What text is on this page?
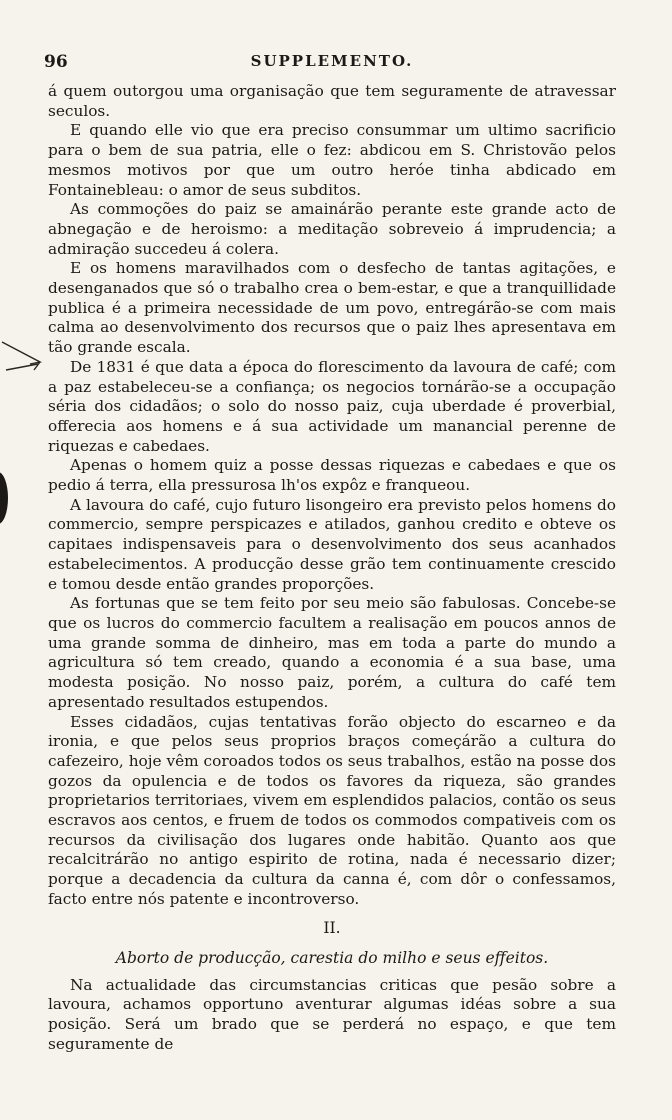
96	SUPPLEMENTO.

á quem outorgou uma organisação que tem seguramente de atravessar seculos.

E quando elle vio que era preciso consummar um ultimo sacrificio para o bem de sua patria, elle o fez: abdicou em S. Christovão pelos mesmos motivos por que um outro heróe tinha abdicado em Fontainebleau: o amor de seus subditos.

As commoções do paiz se amainárão perante este grande acto de abnegação e de heroismo: a meditação sobreveio á imprudencia; a admiração succedeu á colera.

E os homens maravilhados com o desfecho de tantas agitações, e desenganados que só o trabalho crea o bem-estar, e que a tranquillidade publica é a primeira necessidade de um povo, entregárão-se com mais calma ao desenvolvimento dos recursos que o paiz lhes apresentava em tão grande escala.

De 1831 é que data a época do florescimento da lavoura de café; com a paz estabeleceu-se a confiança; os negocios tornárão-se a occupação séria dos cidadãos; o solo do nosso paiz, cuja uberdade é proverbial, offerecia aos homens e á sua actividade um manancial perenne de riquezas e cabedaes.

Apenas o homem quiz a posse dessas riquezas e cabedaes e que os pedio á terra, ella pressurosa lh'os expôz e franqueou.

A lavoura do café, cujo futuro lisongeiro era previsto pelos homens do commercio, sempre perspicazes e atilados, ganhou credito e obteve os capitaes indispensaveis para o desenvolvimento dos seus acanhados estabelecimentos. A producção desse grão tem continuamente crescido e tomou desde então grandes proporções.

As fortunas que se tem feito por seu meio são fabulosas. Concebe-se que os lucros do commercio facultem a realisação em poucos annos de uma grande somma de dinheiro, mas em toda a parte do mundo a agricultura só tem creado, quando a economia é a sua base, uma modesta posição. No nosso paiz, porém, a cultura do café tem apresentado resultados estupendos.

Esses cidadãos, cujas tentativas forão objecto do escarneo e da ironia, e que pelos seus proprios braços começárão a cultura do cafezeiro, hoje vêm coroados todos os seus trabalhos, estão na posse dos gozos da opulencia e de todos os favores da riqueza, são grandes proprietarios territoriaes, vivem em esplendidos palacios, contão os seus escravos aos centos, e fruem de todos os commodos compativeis com os recursos da civilisação dos lugares onde habitão. Quanto aos que recalcitrárão no antigo espirito de rotina, nada é necessario dizer; porque a decadencia da cultura da canna é, com dôr o confessamos, facto entre nós patente e incontroverso.

II.
Aborto de producção, carestia do milho e seus effeitos.

Na actualidade das circumstancias criticas que pesão sobre a lavoura, achamos opportuno aventurar algumas idéas sobre a sua posição. Será um brado que se perderá no espaço, e que tem seguramente de
